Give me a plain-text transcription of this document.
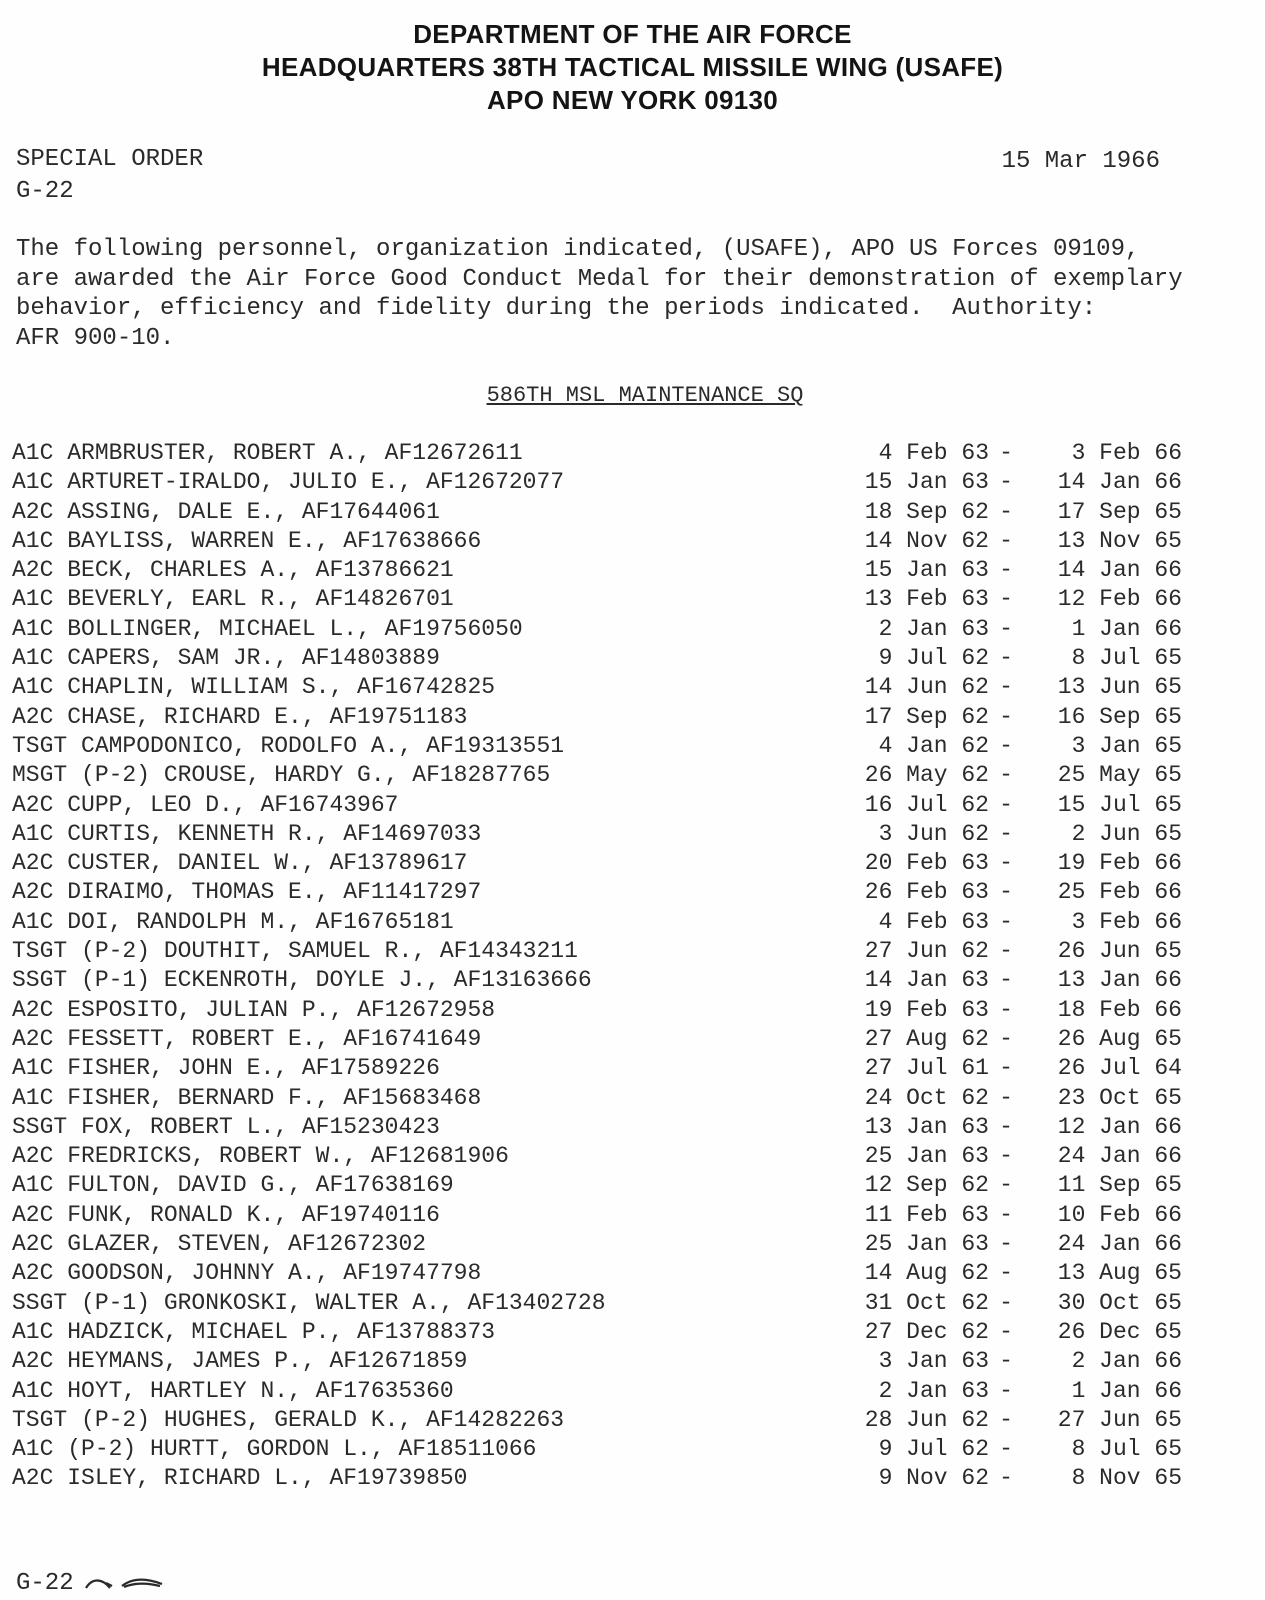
DEPARTMENT OF THE AIR FORCE
HEADQUARTERS 38TH TACTICAL MISSILE WING (USAFE)
APO NEW YORK 09130
SPECIAL ORDER
G-22
15 Mar 1966
The following personnel, organization indicated, (USAFE), APO US Forces 09109,
are awarded the Air Force Good Conduct Medal for their demonstration of exemplary
behavior, efficiency and fidelity during the periods indicated.  Authority:
AFR 900-10.
586TH MSL MAINTENANCE SQ
A1C ARMBRUSTER, ROBERT A., AF12672611	4 Feb 63 -	3 Feb 66
A1C ARTURET-IRALDO, JULIO E., AF12672077	15 Jan 63 -	14 Jan 66
A2C ASSING, DALE E., AF17644061	18 Sep 62 -	17 Sep 65
A1C BAYLISS, WARREN E., AF17638666	14 Nov 62 -	13 Nov 65
A2C BECK, CHARLES A., AF13786621	15 Jan 63 -	14 Jan 66
A1C BEVERLY, EARL R., AF14826701	13 Feb 63 -	12 Feb 66
A1C BOLLINGER, MICHAEL L., AF19756050	2 Jan 63 -	1 Jan 66
A1C CAPERS, SAM JR., AF14803889	9 Jul 62 -	8 Jul 65
A1C CHAPLIN, WILLIAM S., AF16742825	14 Jun 62 -	13 Jun 65
A2C CHASE, RICHARD E., AF19751183	17 Sep 62 -	16 Sep 65
TSGT CAMPODONICO, RODOLFO A., AF19313551	4 Jan 62 -	3 Jan 65
MSGT (P-2) CROUSE, HARDY G., AF18287765	26 May 62 -	25 May 65
A2C CUPP, LEO D., AF16743967	16 Jul 62 -	15 Jul 65
A1C CURTIS, KENNETH R., AF14697033	3 Jun 62 -	2 Jun 65
A2C CUSTER, DANIEL W., AF13789617	20 Feb 63 -	19 Feb 66
A2C DIRAIMO, THOMAS E., AF11417297	26 Feb 63 -	25 Feb 66
A1C DOI, RANDOLPH M., AF16765181	4 Feb 63 -	3 Feb 66
TSGT (P-2) DOUTHIT, SAMUEL R., AF14343211	27 Jun 62 -	26 Jun 65
SSGT (P-1) ECKENROTH, DOYLE J., AF13163666	14 Jan 63 -	13 Jan 66
A2C ESPOSITO, JULIAN P., AF12672958	19 Feb 63 -	18 Feb 66
A2C FESSETT, ROBERT E., AF16741649	27 Aug 62 -	26 Aug 65
A1C FISHER, JOHN E., AF17589226	27 Jul 61 -	26 Jul 64
A1C FISHER, BERNARD F., AF15683468	24 Oct 62 -	23 Oct 65
SSGT FOX, ROBERT L., AF15230423	13 Jan 63 -	12 Jan 66
A2C FREDRICKS, ROBERT W., AF12681906	25 Jan 63 -	24 Jan 66
A1C FULTON, DAVID G., AF17638169	12 Sep 62 -	11 Sep 65
A2C FUNK, RONALD K., AF19740116	11 Feb 63 -	10 Feb 66
A2C GLAZER, STEVEN, AF12672302	25 Jan 63 -	24 Jan 66
A2C GOODSON, JOHNNY A., AF19747798	14 Aug 62 -	13 Aug 65
SSGT (P-1) GRONKOSKI, WALTER A., AF13402728	31 Oct 62 -	30 Oct 65
A1C HADZICK, MICHAEL P., AF13788373	27 Dec 62 -	26 Dec 65
A2C HEYMANS, JAMES P., AF12671859	3 Jan 63 -	2 Jan 66
A1C HOYT, HARTLEY N., AF17635360	2 Jan 63 -	1 Jan 66
TSGT (P-2) HUGHES, GERALD K., AF14282263	28 Jun 62 -	27 Jun 65
A1C (P-2) HURTT, GORDON L., AF18511066	9 Jul 62 -	8 Jul 65
A2C ISLEY, RICHARD L., AF19739850	9 Nov 62 -	8 Nov 65
G-22
